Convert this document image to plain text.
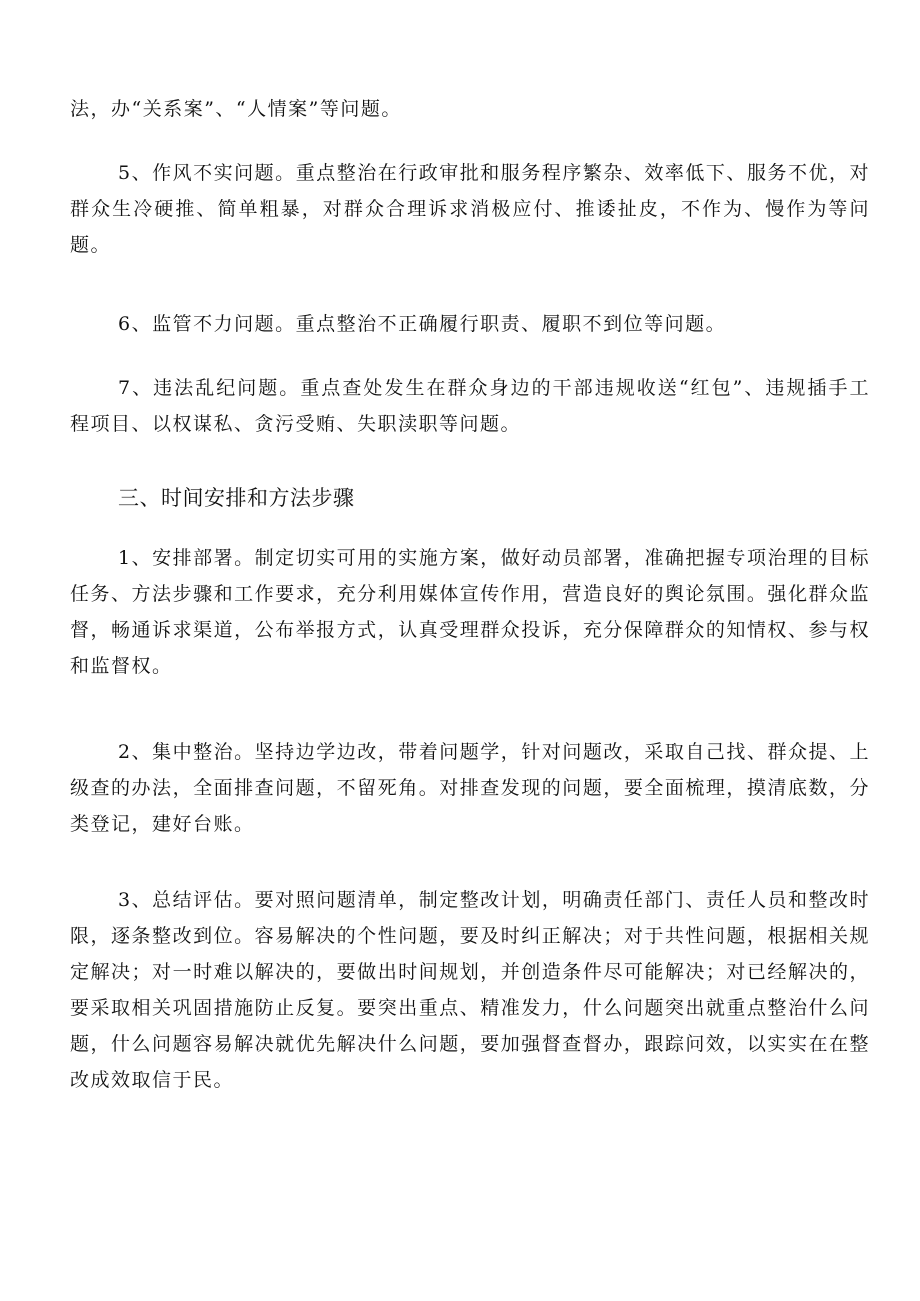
法，办“关系案”、“人情案”等问题。

5、作风不实问题。重点整治在行政审批和服务程序繁杂、效率低下、服务不优，对群众生冷硬推、简单粗暴，对群众合理诉求消极应付、推诿扯皮，不作为、慢作为等问题。

6、监管不力问题。重点整治不正确履行职责、履职不到位等问题。

7、违法乱纪问题。重点查处发生在群众身边的干部违规收送“红包”、违规插手工程项目、以权谋私、贪污受贿、失职渎职等问题。

三、时间安排和方法步骤

1、安排部署。制定切实可用的实施方案，做好动员部署，准确把握专项治理的目标任务、方法步骤和工作要求，充分利用媒体宣传作用，营造良好的舆论氛围。强化群众监督，畅通诉求渠道，公布举报方式，认真受理群众投诉，充分保障群众的知情权、参与权和监督权。

2、集中整治。坚持边学边改，带着问题学，针对问题改，采取自己找、群众提、上级查的办法，全面排查问题，不留死角。对排查发现的问题，要全面梳理，摸清底数，分类登记，建好台账。

3、总结评估。要对照问题清单，制定整改计划，明确责任部门、责任人员和整改时限，逐条整改到位。容易解决的个性问题，要及时纠正解决；对于共性问题，根据相关规定解决；对一时难以解决的，要做出时间规划，并创造条件尽可能解决；对已经解决的，要采取相关巩固措施防止反复。要突出重点、精准发力，什么问题突出就重点整治什么问题，什么问题容易解决就优先解决什么问题，要加强督查督办，跟踪问效，以实实在在整改成效取信于民。
